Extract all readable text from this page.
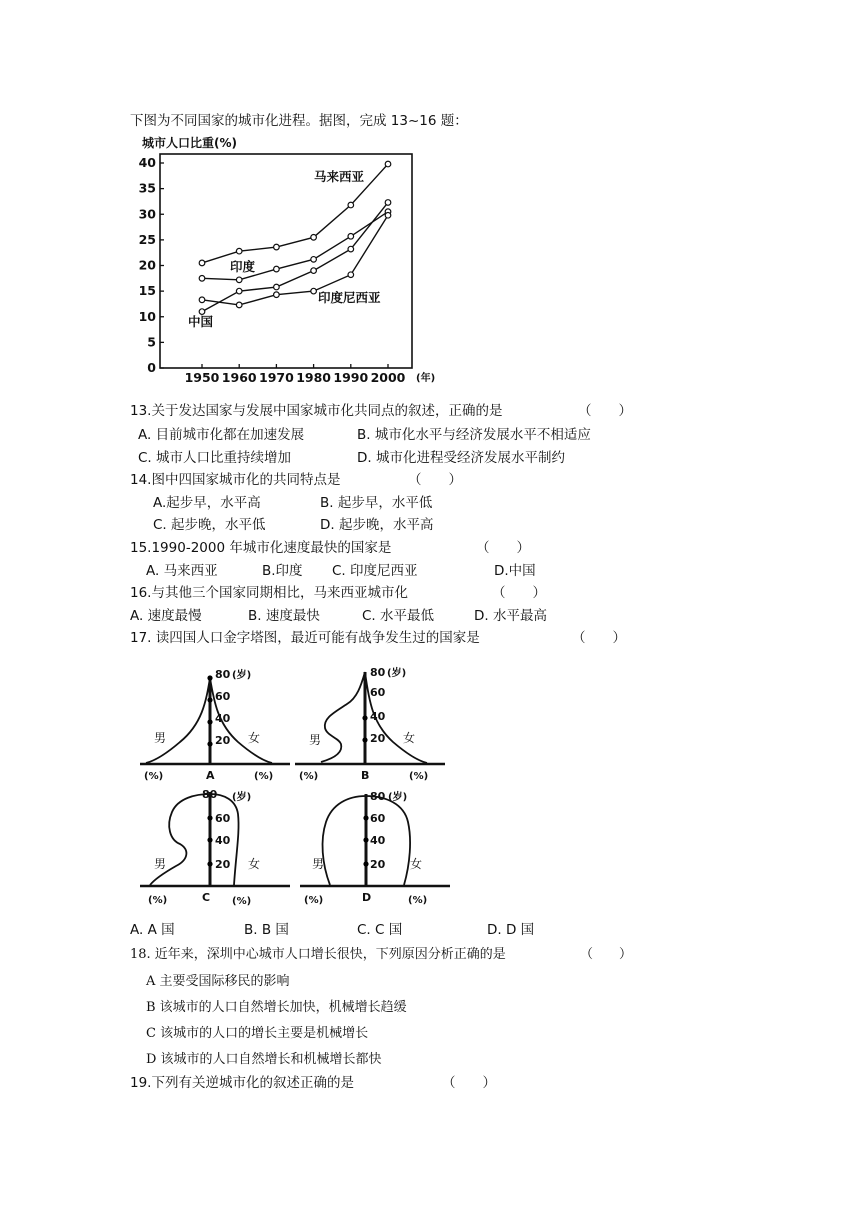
下图为不同国家的城市化进程。据图，完成 13~16 题：
城市人口比重(%)
0
5
10
15
20
25
30
35
40
1950 1960 1970 1980 1990 2000 (年)
马来西亚
印度
中国
印度尼西亚
13.关于发达国家与发展中国家城市化共同点的叙述，正确的是	（　　）
A. 目前城市化都在加速发展	B. 城市化水平与经济发展水平不相适应
C. 城市人口比重持续增加	D. 城市化进程受经济发展水平制约
14.图中四国家城市化的共同特点是	（　　）
A.起步早，水平高	B. 起步早，水平低
C. 起步晚，水平低	D. 起步晚，水平高
15.1990-2000 年城市化速度最快的国家是	（　　）
A. 马来西亚	B.印度 C. 印度尼西亚	D.中国
16.与其他三个国家同期相比，马来西亚城市化	（　　）
A. 速度最慢	B. 速度最快	C. 水平最低	D. 水平最高
17. 读四国人口金字塔图，最近可能有战争发生过的国家是	（　　）
80 (岁)
60
40
20
男	女
(%)	A	(%)
80 (岁)
60
40
20
男	女
(%)	B	(%)
80 (岁)
60
40
20
男	女
(%)	C (%)
80 (岁)
60
40
20
男	女
(%)	D	(%)
A. A 国	B. B 国	C. C 国	D. D 国
18. 近年来，深圳中心城市人口增长很快，下列原因分析正确的是	（　　）
A 主要受国际移民的影响
B 该城市的人口自然增长加快，机械增长趋缓
C 该城市的人口的增长主要是机械增长
D 该城市的人口自然增长和机械增长都快
19.下列有关逆城市化的叙述正确的是	（　　）
